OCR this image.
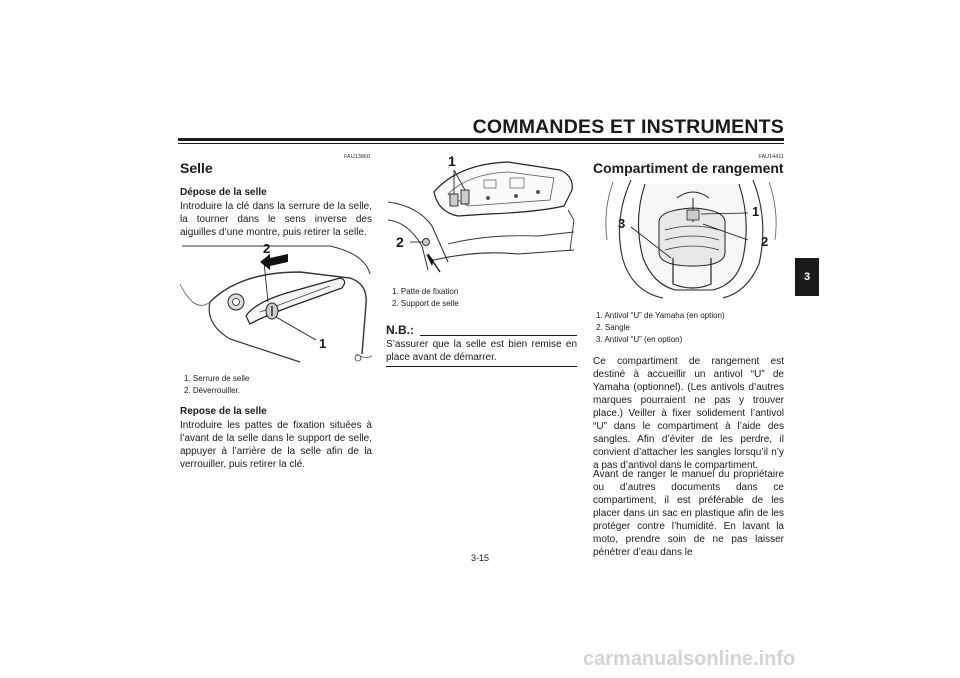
COMMANDES ET INSTRUMENTS
FAU13860
Selle
Dépose de la selle
Introduire la clé dans la serrure de la selle, la tourner dans le sens inverse des aiguilles d’une montre, puis retirer la selle.
2
1
1. Serrure de selle
2. Déverrouiller.
Repose de la selle
Introduire les pattes de fixation situées à l’avant de la selle dans le support de selle, appuyer à l’arrière de la selle afin de la verrouiller, puis retirer la clé.
1
2
1. Patte de fixation
2. Support de selle
N.B.:
S’assurer que la selle est bien remise en place avant de démarrer.
FAU14411
Compartiment de rangement
3
1
2
1. Antivol “U” de Yamaha (en option)
2. Sangle
3. Antivol “U” (en option)
Ce compartiment de rangement est destiné à accueillir un antivol “U” de Yamaha (optionnel). (Les antivols d’autres marques pourraient ne pas y trouver place.) Veiller à fixer solidement l’antivol “U” dans le compartiment à l’aide des sangles. Afin d’éviter de les perdre, il convient d’attacher les sangles lorsqu’il n’y a pas d’antivol dans le compartiment.
Avant de ranger le manuel du propriétaire ou d’autres documents dans ce compartiment, il est préférable de les placer dans un sac en plastique afin de les protéger contre l’humidité. En lavant la moto, prendre soin de ne pas laisser pénétrer d’eau dans le
3
3-15
carmanualsonline.info
